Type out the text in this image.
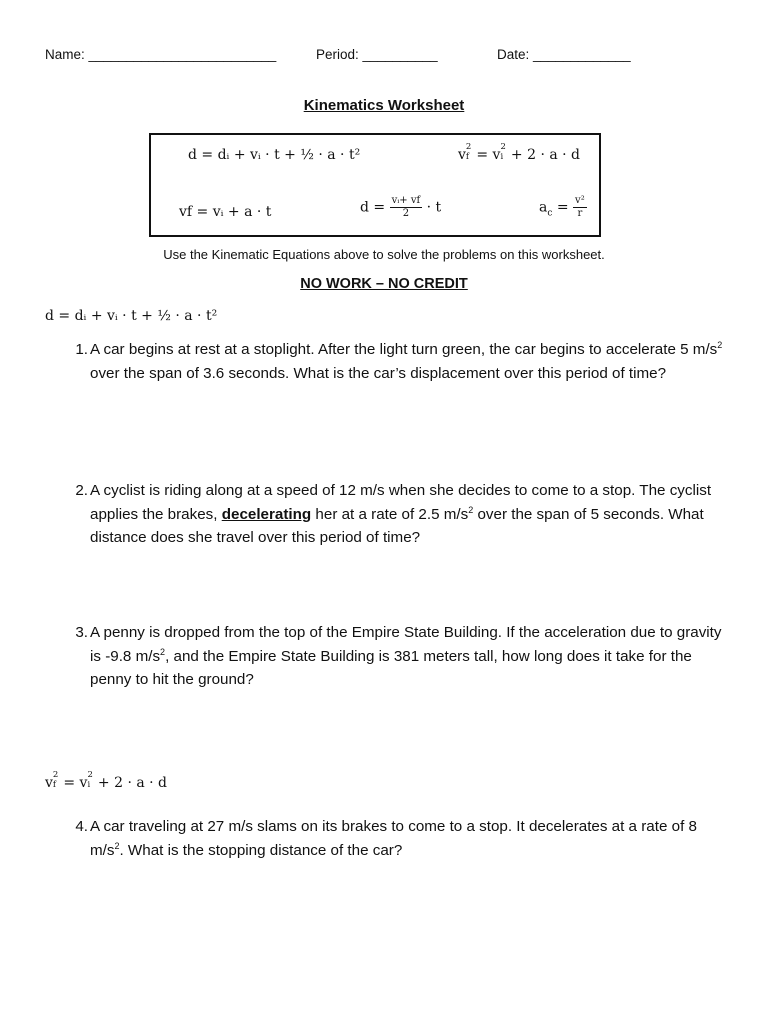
Name: _________________________	Period: __________	Date: _____________
Kinematics Worksheet
d = dᵢ + vᵢ · t + ½ · a · t²	v 2
f = v 2
i + 2 · a · d
vf = vᵢ + a · t	$d = \frac{\text{vᵢ+ vf}}{2} \cdot t$	$a_c = \frac{\text{v²}}{r}$
Use the Kinematic Equations above to solve the problems on this worksheet.
NO WORK – NO CREDIT
d = dᵢ + vᵢ · t + ½ · a · t²
1. A car begins at rest at a stoplight. After the light turn green, the car begins to accelerate 5 $m/s^2$ over the span of 3.6 seconds. What is the car’s displacement over this period of time?
2. A cyclist is riding along at a speed of 12 m/s when she decides to come to a stop. The cyclist applies the brakes, decelerating her at a rate of 2.5 $m/s^2$ over the span of 5 seconds. What distance does she travel over this period of time?
3. A penny is dropped from the top of the Empire State Building. If the acceleration due to gravity is -9.8 $m/s^2$, and the Empire State Building is 381 meters tall, how long does it take for the penny to hit the ground?
v 2
f = v 2
i + 2 · a · d
4. A car traveling at 27 m/s slams on its brakes to come to a stop. It decelerates at a rate of 8 $m/s^2$. What is the stopping distance of the car?
